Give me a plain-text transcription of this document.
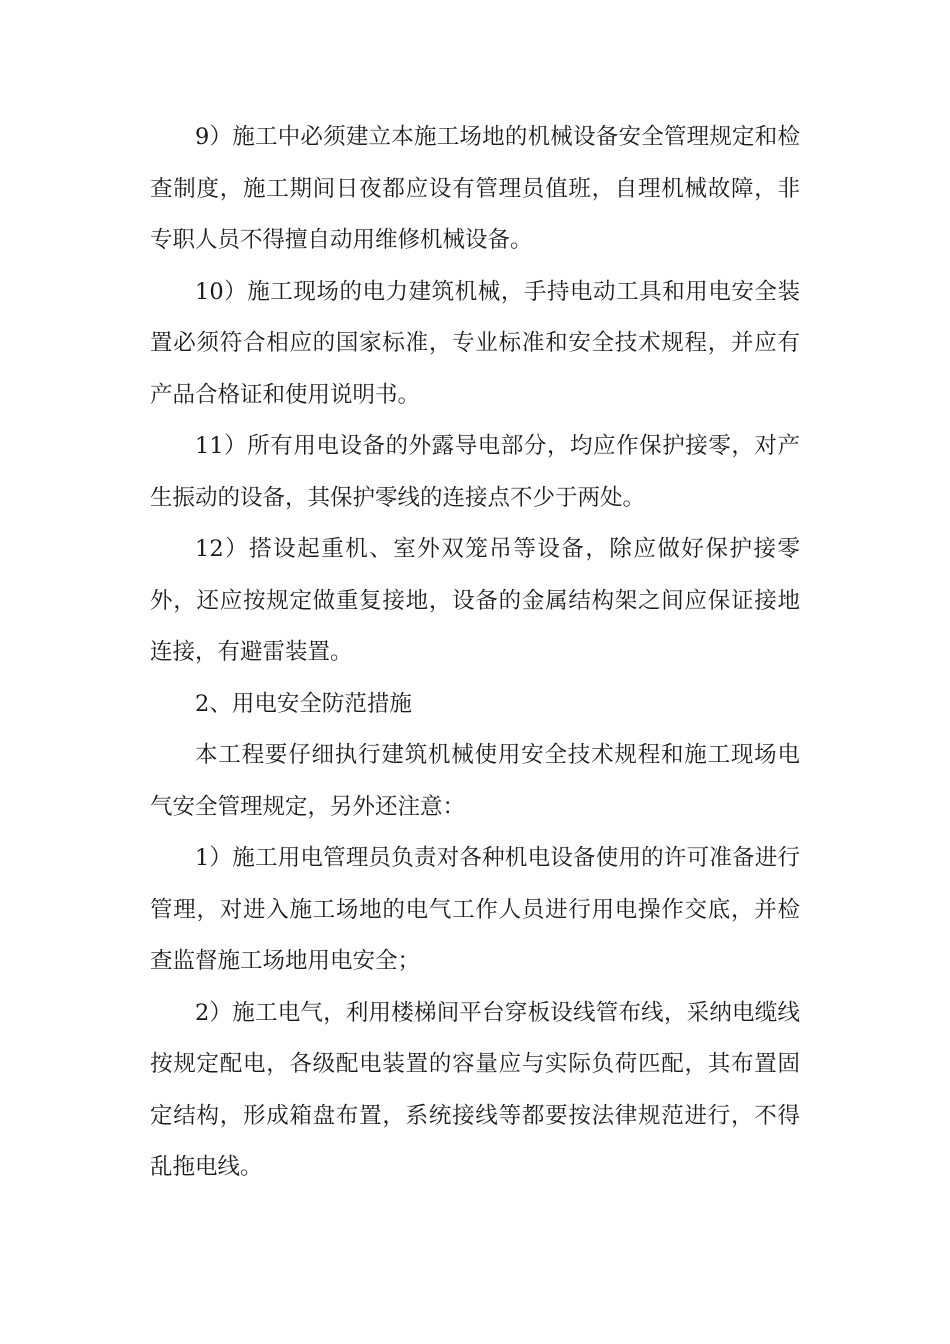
9）施工中必须建立本施工场地的机械设备安全管理规定和检查制度，施工期间日夜都应设有管理员值班，自理机械故障，非专职人员不得擅自动用维修机械设备。

10）施工现场的电力建筑机械，手持电动工具和用电安全装置必须符合相应的国家标准，专业标准和安全技术规程，并应有产品合格证和使用说明书。

11）所有用电设备的外露导电部分，均应作保护接零，对产生振动的设备，其保护零线的连接点不少于两处。

12）搭设起重机、室外双笼吊等设备，除应做好保护接零外，还应按规定做重复接地，设备的金属结构架之间应保证接地连接，有避雷装置。

2、用电安全防范措施

本工程要仔细执行建筑机械使用安全技术规程和施工现场电气安全管理规定，另外还注意：

1）施工用电管理员负责对各种机电设备使用的许可准备进行管理，对进入施工场地的电气工作人员进行用电操作交底，并检查监督施工场地用电安全；

2）施工电气，利用楼梯间平台穿板设线管布线，采纳电缆线按规定配电，各级配电装置的容量应与实际负荷匹配，其布置固定结构，形成箱盘布置，系统接线等都要按法律规范进行，不得乱拖电线。
